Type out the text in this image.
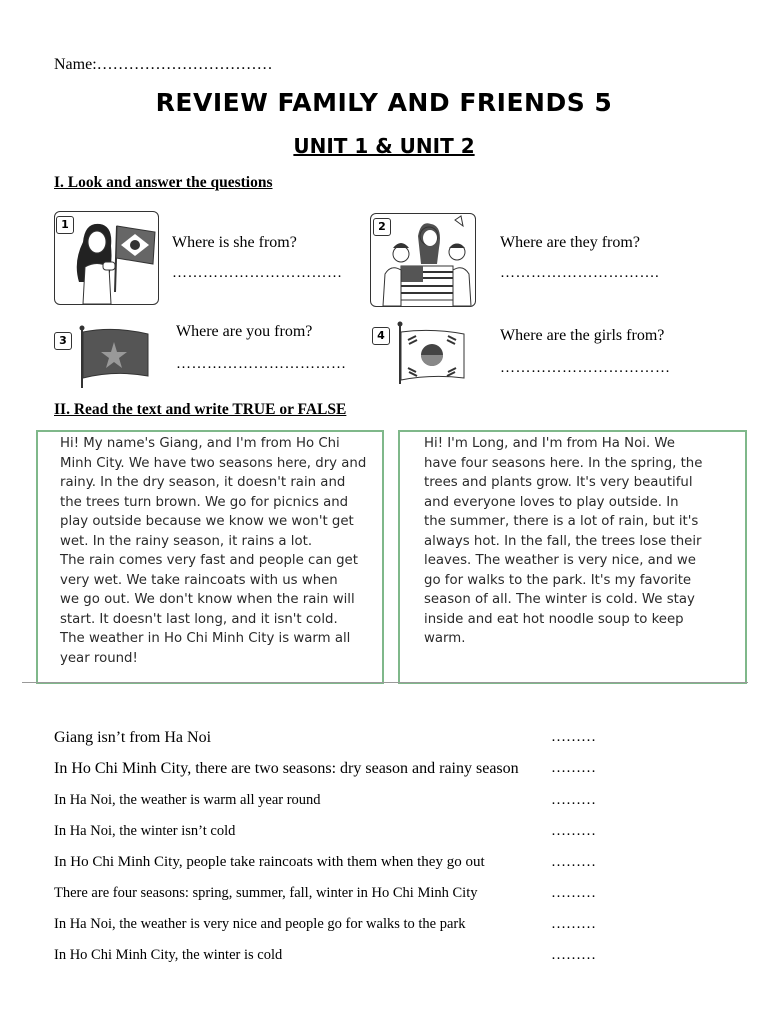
Name:……………………………
REVIEW FAMILY AND FRIENDS 5
UNIT 1 & UNIT 2
I. Look and answer the questions
1
Where is she from?
……………………………
2
Where are they from?
………………………….
3
Where are you from?
……………………………
4	Where are the girls from?
……………………………
II. Read the text and write TRUE or FALSE

Hi! My name's Giang, and I'm from Ho Chi
Minh City. We have two seasons here, dry and
rainy. In the dry season, it doesn't rain and
the trees turn brown. We go for picnics and
play outside because we know we won't get
wet. In the rainy season, it rains a lot.
The rain comes very fast and people can get
very wet. We take raincoats with us when
we go out. We don't know when the rain will
start. It doesn't last long, and it isn't cold.
The weather in Ho Chi Minh City is warm all
year round!

Hi! I'm Long, and I'm from Ha Noi. We
have four seasons here. In the spring, the
trees and plants grow. It's very beautiful
and everyone loves to play outside. In
the summer, there is a lot of rain, but it's
always hot. In the fall, the trees lose their
leaves. The weather is very nice, and we
go for walks to the park. It's my favorite
season of all. The winter is cold. We stay
inside and eat hot noodle soup to keep
warm.

Giang isn’t from Ha Noi	………
In Ho Chi Minh City, there are two seasons: dry season and rainy season ………
In Ha Noi, the weather is warm all year round	………
In Ha Noi, the winter isn’t cold	………
In Ho Chi Minh City, people take raincoats with them when they go out	………
There are four seasons: spring, summer, fall, winter in Ho Chi Minh City	………
In Ha Noi, the weather is very nice and people go for walks to the park	………
In Ho Chi Minh City, the winter is cold	………
